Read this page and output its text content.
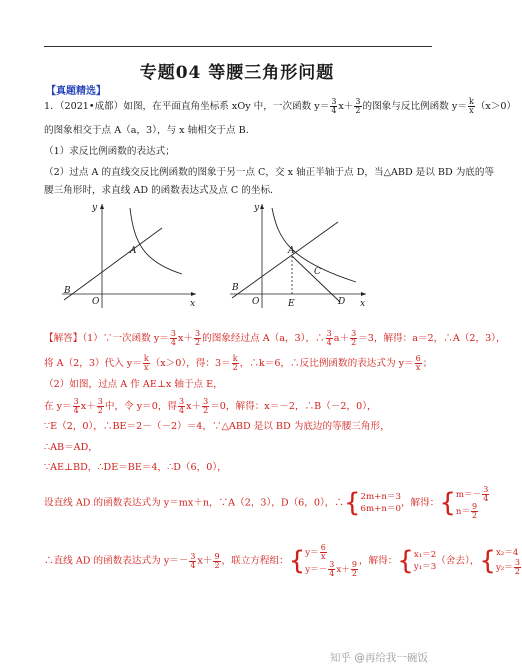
专题04 等腰三角形问题
【真题精选】
1．（2021•成都）如图，在平面直角坐标系 xOy 中，一次函数 $y= \frac{3}{4} x+ \frac{3}{2}$ 的图象与反比例函数 $y= \frac{k}{x} (x>0)$
的图象相交于点 A（a，3），与 x 轴相交于点 B．
（1）求反比例函数的表达式；
（2）过点 A 的直线交反比例函数的图象于另一点 C，交 x 轴正半轴于点 D，当△ABD 是以 BD 为底的等
腰三角形时，求直线 AD 的函数表达式及点 C 的坐标．
y
x
O
A
B
y
x
O
A
B
C
D
E
【解答】（1）∵一次函数 $y= \frac{3}{4} x+ \frac{3}{2}$ 的图象经过点 A（a，3），∴ $\frac{3}{4} a+ \frac{3}{2} =3$，解得：a＝2，∴A（2，3），
将 A（2，3）代入 $y= \frac{k}{x} (x>0)$，得：$3= \frac{k}{2}$ ，∴k＝6，∴反比例函数的表达式为 $y= \frac{6}{x}$ ；
（2）如图，过点 A 作 AE⊥x 轴于点 E，
在 $y= \frac{3}{4} x+ \frac{3}{2}$ 中，令 y＝0，得 $\frac{3}{4} x+ \frac{3}{2} =0$，解得：x＝－2，∴B（－2，0），
∵E（2，0），∴BE＝2－（－2）＝4，∵△ABD 是以 BD 为底边的等腰三角形，
∴AB＝AD，
∵AE⊥BD，∴DE＝BE＝4，∴D（6，0），
设直线 AD 的函数表达式为 y＝mx＋n，∵A（2，3），D（6，0），∴{ 2m+n＝3
6m+n＝0
，解得：{ $m=- \frac{3}{4}$
$n= \frac{9}{2}$
∴直线 AD 的函数表达式为 $y=- \frac{3}{4} x+ \frac{9}{2}$ ，联立方程组：{ $y= \frac{6}{x}$
$y=- \frac{3}{4} x+ \frac{9}{2}$ ，解得：{ x₁＝2
y₁＝3
（舍去），{ x₂＝4
$y_2= \frac{3}{2}$
知乎 @再给我一碗饭
